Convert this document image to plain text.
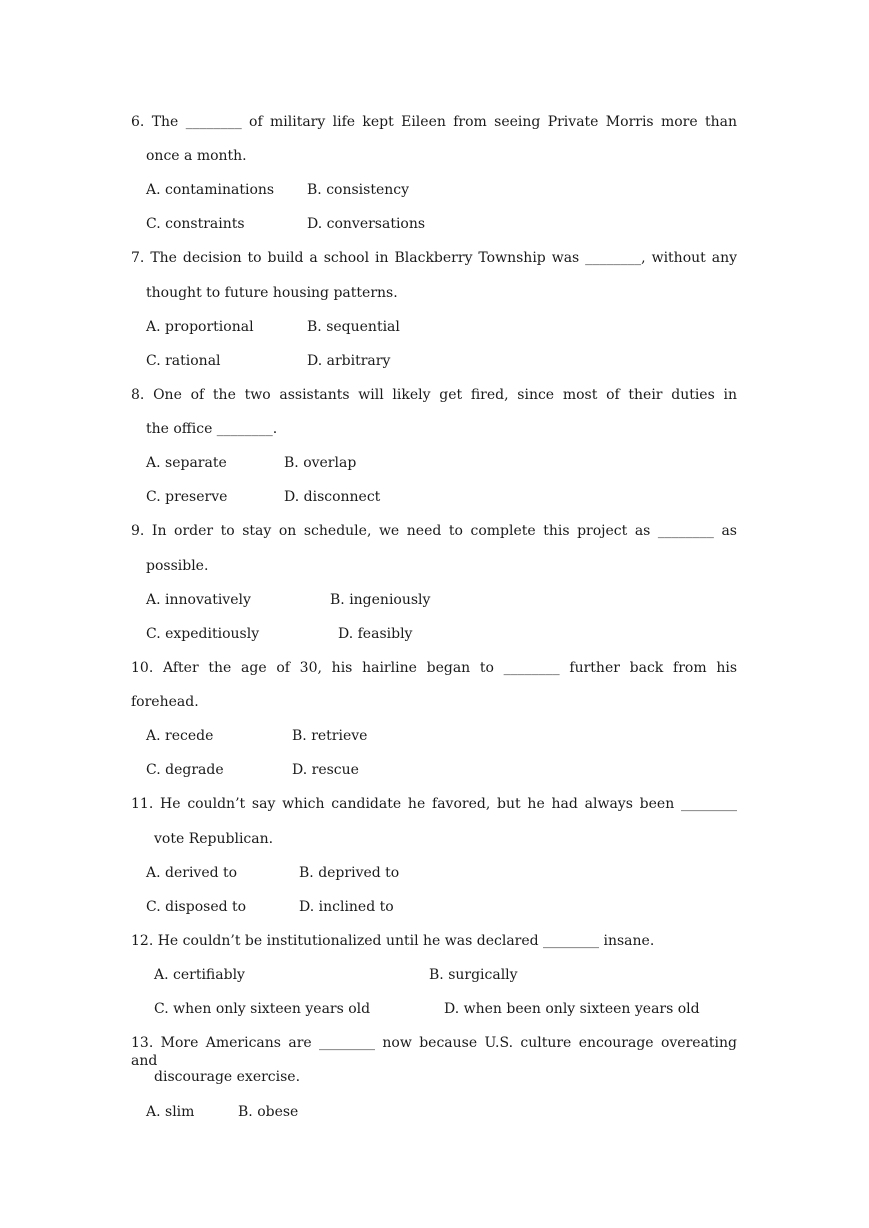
6. The ________ of military life kept Eileen from seeing Private Morris more than
once a month.
A. contaminations B. consistency
C. constraints	D. conversations
7. The decision to build a school in Blackberry Township was ________, without any
thought to future housing patterns.
A. proportional	B. sequential
C. rational	D. arbitrary
8. One of the two assistants will likely get fired, since most of their duties in
the office ________.
A. separate	B. overlap
C. preserve	D. disconnect
9. In order to stay on schedule, we need to complete this project as ________ as
possible.
A. innovatively	B. ingeniously
C. expeditiously	D. feasibly
10. After the age of 30, his hairline began to ________ further back from his
forehead.
A. recede	B. retrieve
C. degrade	D. rescue
11. He couldn’t say which candidate he favored, but he had always been ________
vote Republican.
A. derived to	B. deprived to
C. disposed to	D. inclined to
12. He couldn’t be institutionalized until he was declared ________ insane.
A. certifiably	B. surgically
C. when only sixteen years old	D. when been only sixteen years old
13. More Americans are ________ now because U.S. culture encourage overeating and
discourage exercise.
A. slim	B. obese
